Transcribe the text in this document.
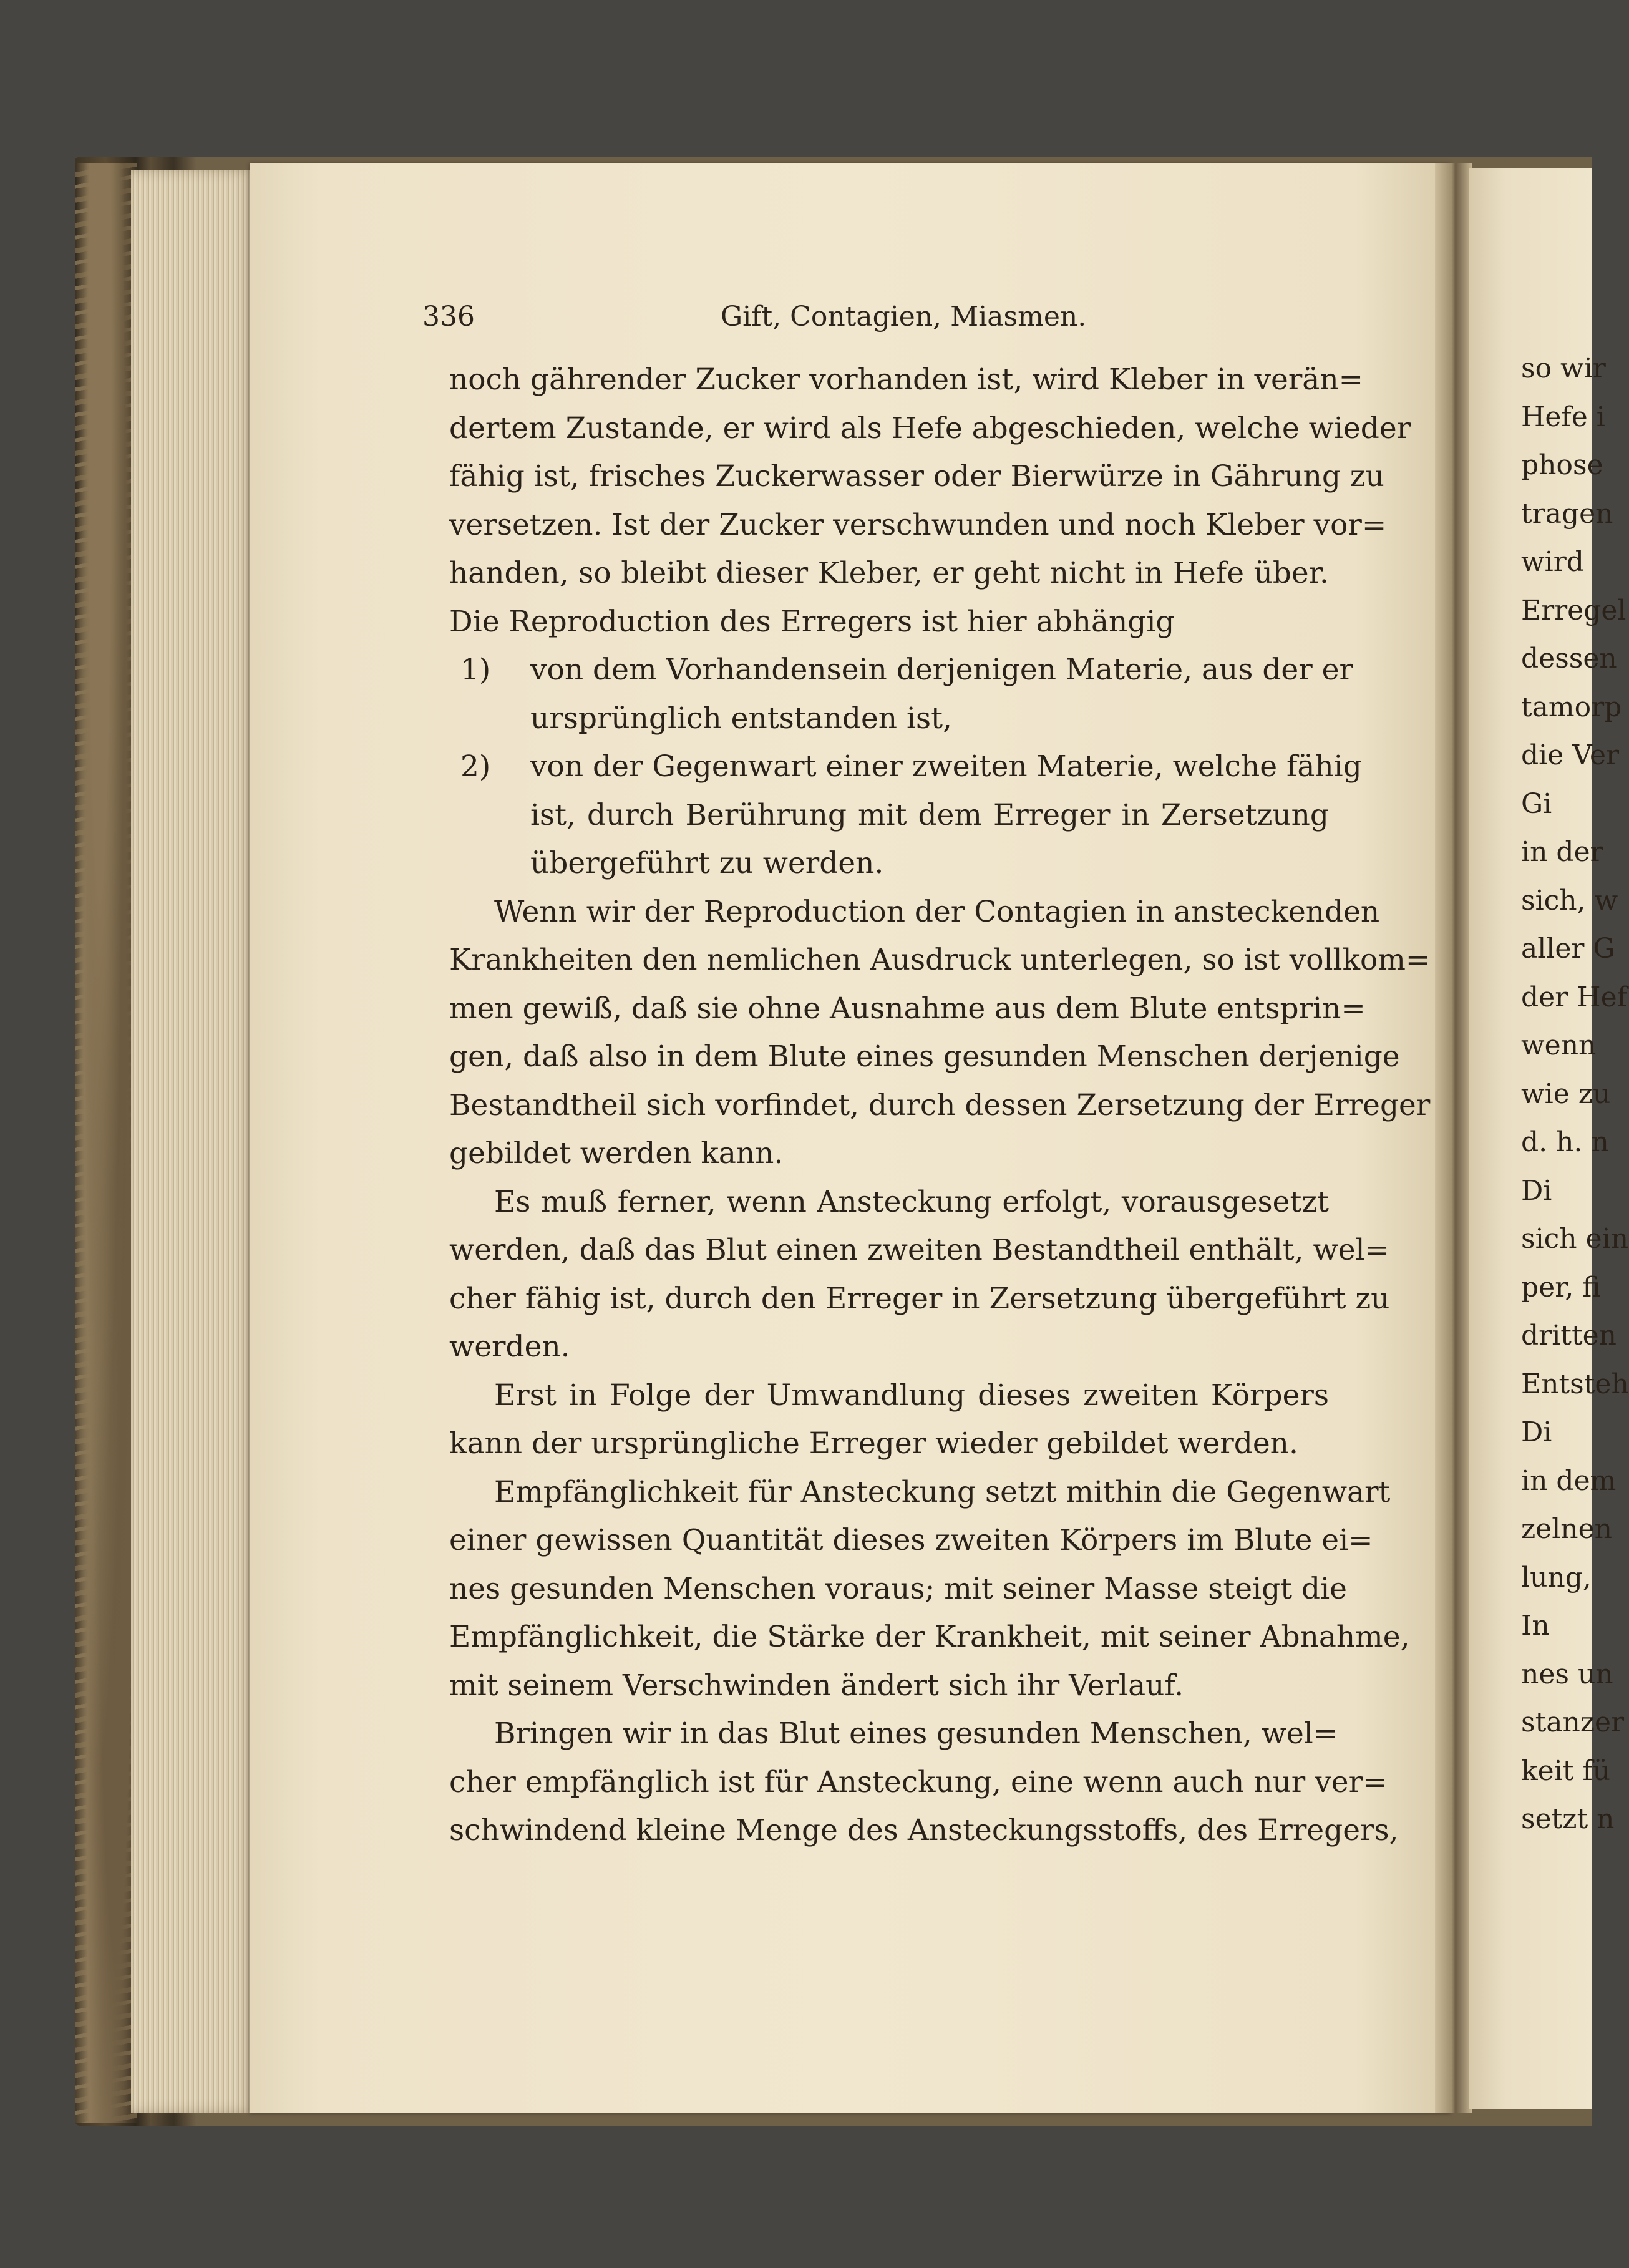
336	Gift, Contagien, Miasmen.
noch gährender Zucker vorhanden ist, wird Kleber in verän=
dertem Zustande, er wird als Hefe abgeschieden, welche wieder
fähig ist, frisches Zuckerwasser oder Bierwürze in Gährung zu
versetzen. Ist der Zucker verschwunden und noch Kleber vor=
handen, so bleibt dieser Kleber, er geht nicht in Hefe über.
Die Reproduction des Erregers ist hier abhängig
1) von dem Vorhandensein derjenigen Materie, aus der er
ursprünglich entstanden ist,
2) von der Gegenwart einer zweiten Materie, welche fähig
ist, durch Berührung mit dem Erreger in Zersetzung
übergeführt zu werden.
Wenn wir der Reproduction der Contagien in ansteckenden
Krankheiten den nemlichen Ausdruck unterlegen, so ist vollkom=
men gewiß, daß sie ohne Ausnahme aus dem Blute entsprin=
gen, daß also in dem Blute eines gesunden Menschen derjenige
Bestandtheil sich vorfindet, durch dessen Zersetzung der Erreger
gebildet werden kann.
Es muß ferner, wenn Ansteckung erfolgt, vorausgesetzt
werden, daß das Blut einen zweiten Bestandtheil enthält, wel=
cher fähig ist, durch den Erreger in Zersetzung übergeführt zu
werden.
Erst in Folge der Umwandlung dieses zweiten Körpers
kann der ursprüngliche Erreger wieder gebildet werden.
Empfänglichkeit für Ansteckung setzt mithin die Gegenwart
einer gewissen Quantität dieses zweiten Körpers im Blute ei=
nes gesunden Menschen voraus; mit seiner Masse steigt die
Empfänglichkeit, die Stärke der Krankheit, mit seiner Abnahme,
mit seinem Verschwinden ändert sich ihr Verlauf.
Bringen wir in das Blut eines gesunden Menschen, wel=
cher empfänglich ist für Ansteckung, eine wenn auch nur ver=
schwindend kleine Menge des Ansteckungsstoffs, des Erregers,
so wir
Hefe i
phose
tragen
wird
Erregel
dessen
tamorp
die Ver
Gi
in der
sich, w
aller G
der Hef
wenn
wie zu
d. h. n
Di
sich ein
per, fi
dritten
Entsteh
Di
in dem
zelnen
lung,
In
nes un
stanzer
keit fü
setzt n
